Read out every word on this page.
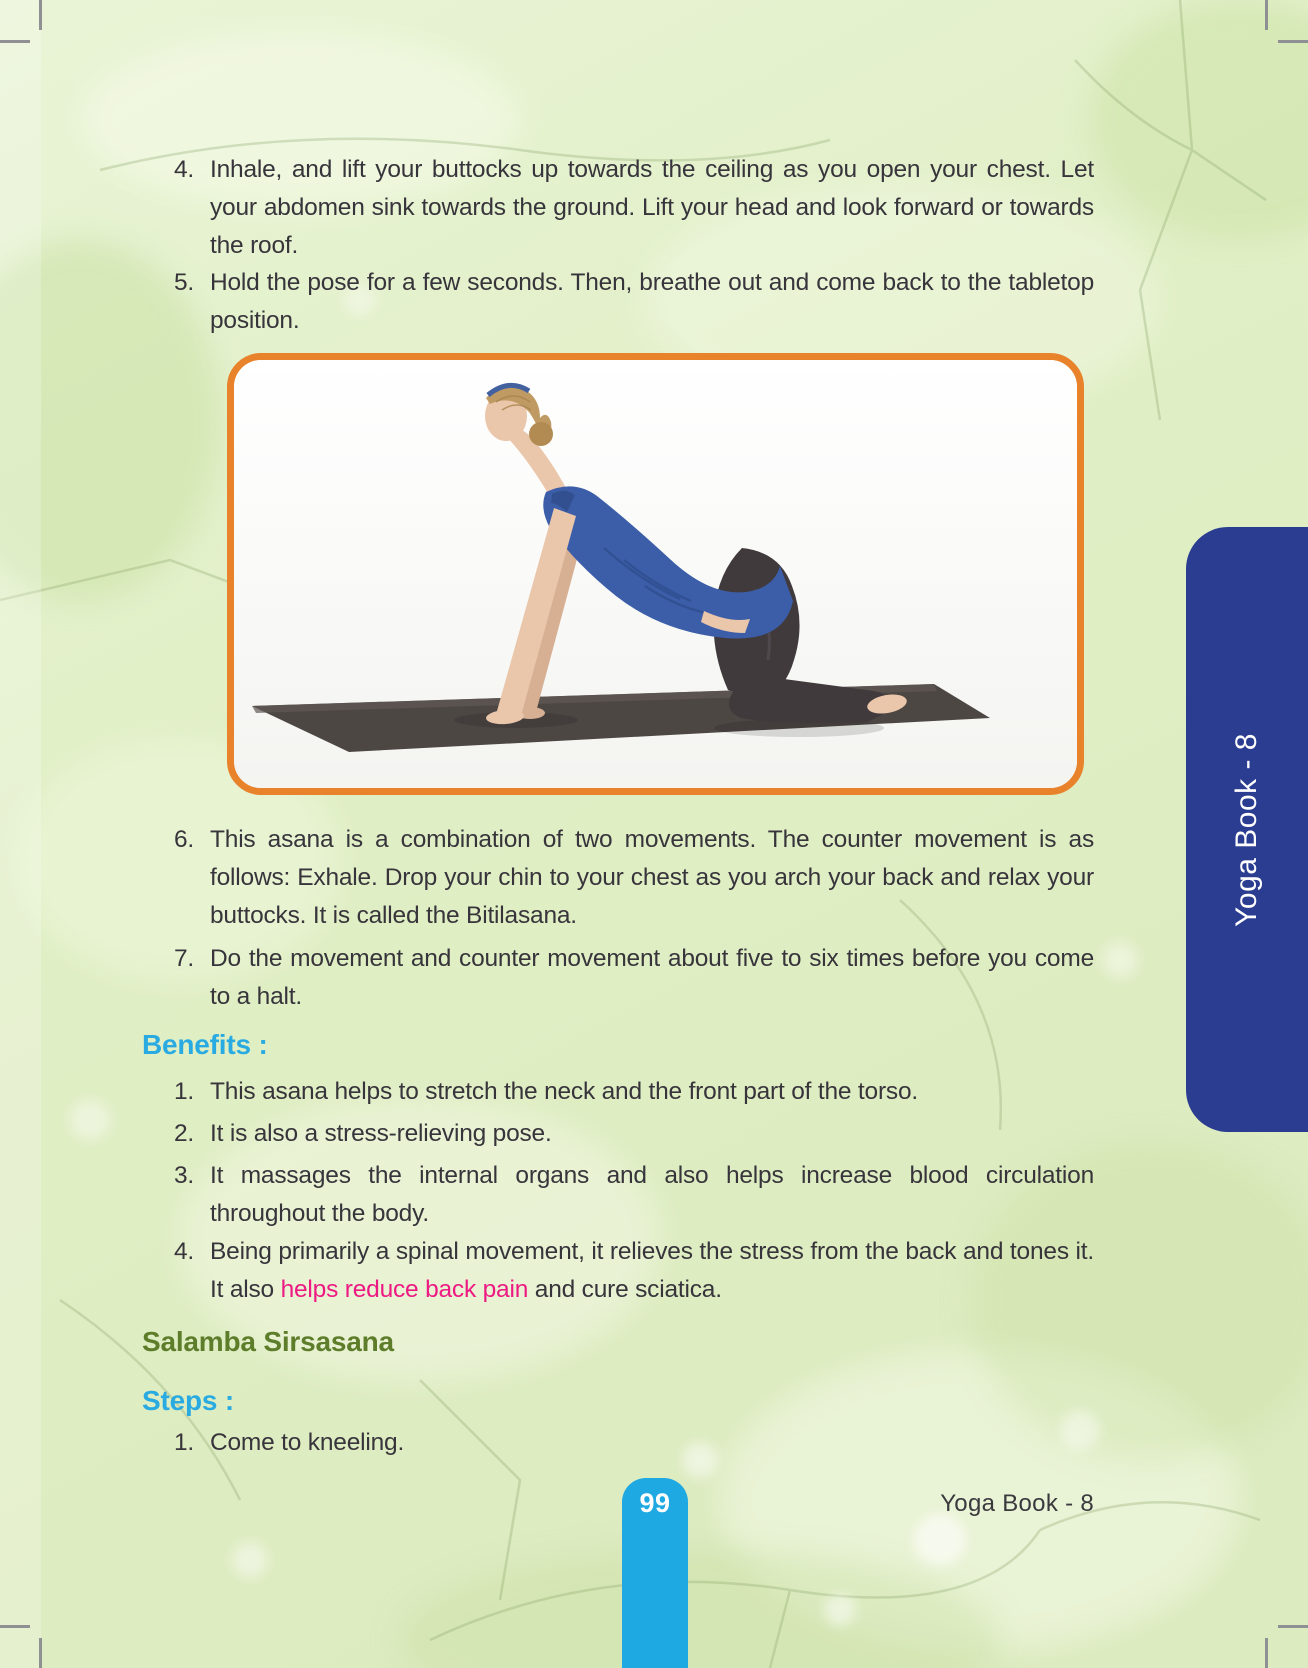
4. Inhale, and lift your buttocks up towards the ceiling as you open your chest. Let your abdomen sink towards the ground. Lift your head and look forward or towards the roof.
5. Hold the pose for a few seconds. Then, breathe out and come back to the tabletop position.
6. This asana is a combination of two movements. The counter movement is as follows: Exhale. Drop your chin to your chest as you arch your back and relax your buttocks. It is called the Bitilasana.
7. Do the movement and counter movement about five to six times before you come to a halt.
Benefits :
1. This asana helps to stretch the neck and the front part of the torso.
2. It is also a stress-relieving pose.
3. It massages the internal organs and also helps increase blood circulation throughout the body.
4. Being primarily a spinal movement, it relieves the stress from the back and tones it. It also helps reduce back pain and cure sciatica.
Salamba Sirsasana
Steps :
1. Come to kneeling.
99	Yoga Book - 8
Yoga Book - 8
